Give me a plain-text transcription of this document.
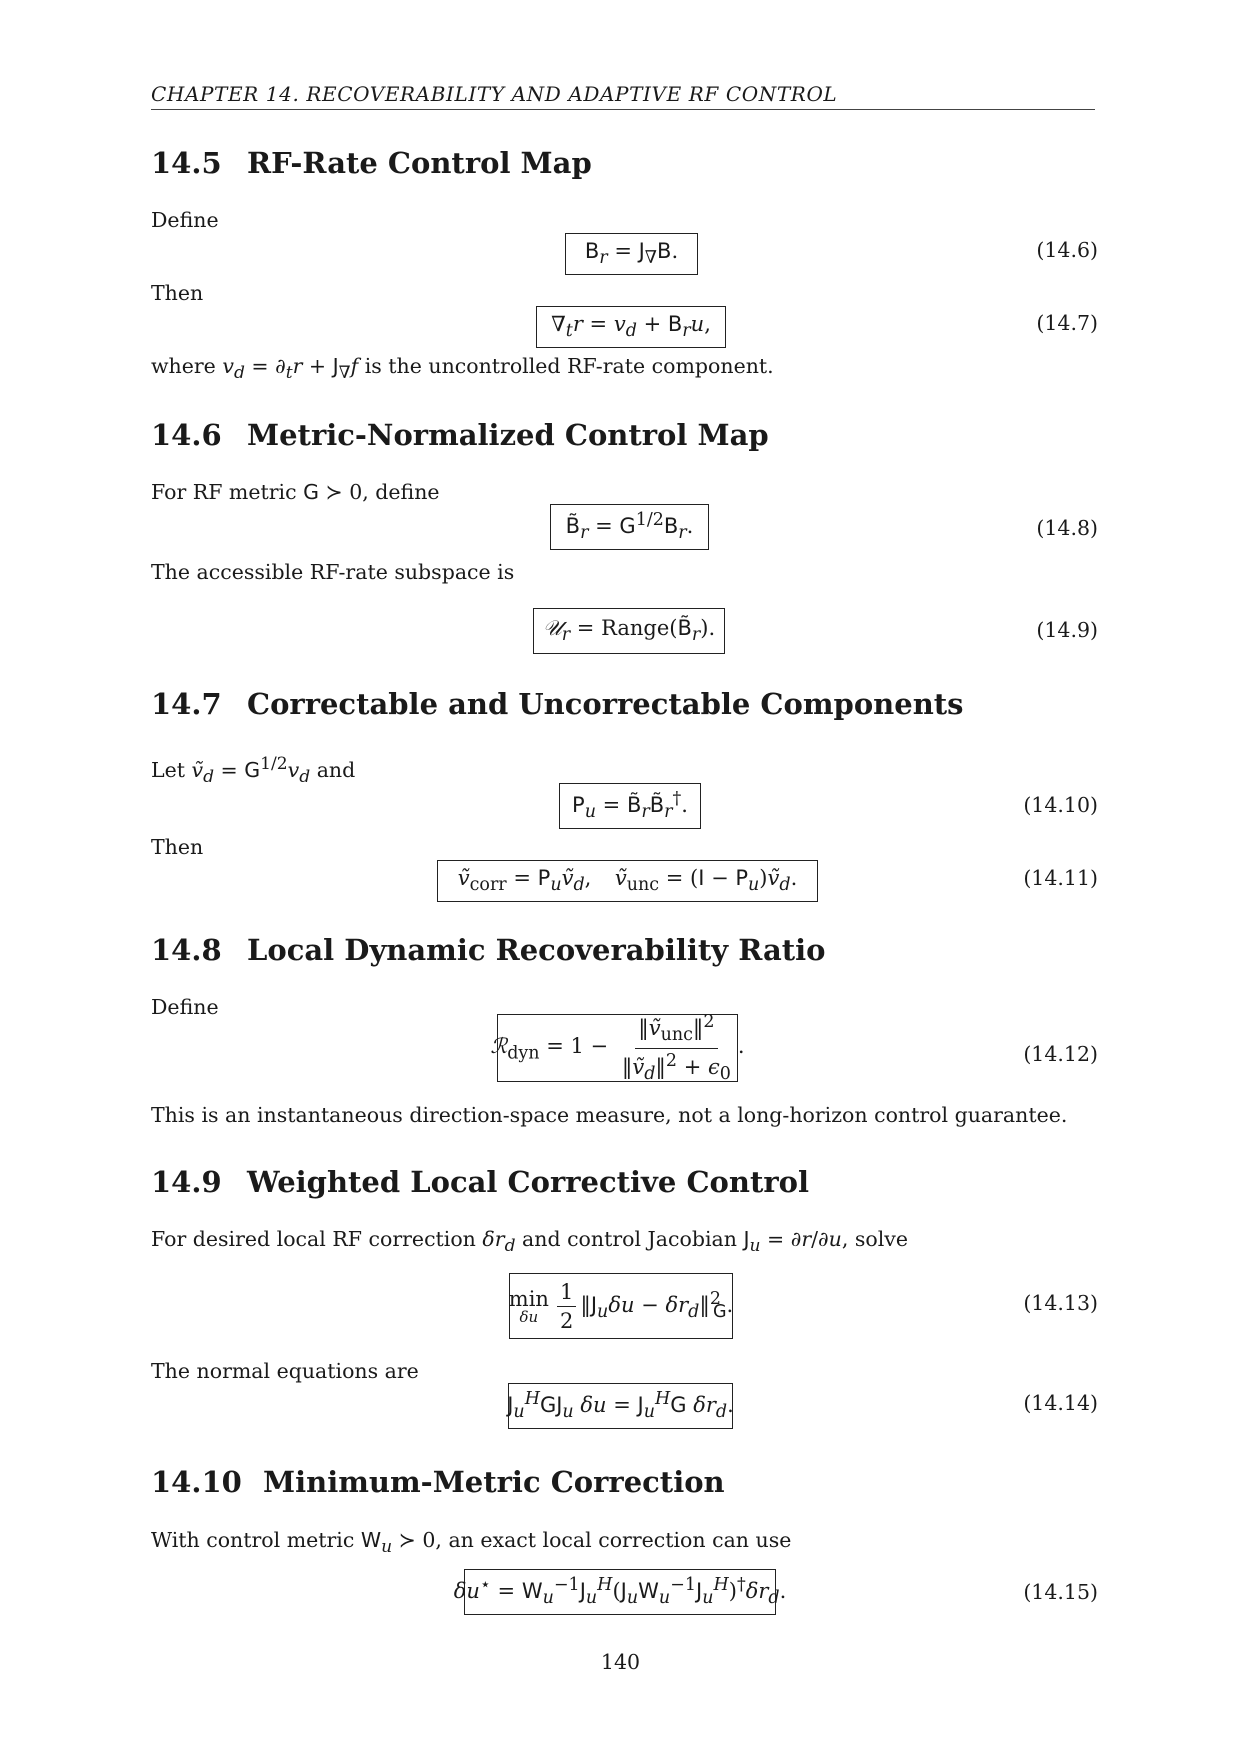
CHAPTER 14. RECOVERABILITY AND ADAPTIVE RF CONTROL
14.5 RF-Rate Control Map
Define
$B_r = J_\nabla B$.	(14.6)
Then
$\nabla_tr = v_d + B_ru$,	(14.7)
where $v_d = \partial_tr + J_\nabla f$ is the uncontrolled RF-rate component.
14.6 Metric-Normalized Control Map
For RF metric G ≻ 0, define
$B̃_r = G^{1/2}B_r$.	(14.8)
The accessible RF-rate subspace is
𝒰$_r$ = $Range(B̃_r)$.	(14.9)
14.7 Correctable and Uncorrectable Components
Let ṽ$_d$ = $G^{1/2}v_d$ and
$P_u$ = $B̃_rB̃_r^\dagger$.	(14.10)
Then
ṽ$_{corr}$ = $P_uṽ_d$, ṽ$_{unc}$ = $(I - P_u)ṽ_d$.	(14.11)
14.8 Local Dynamic Recoverability Ratio
Define
ℛ$_{dyn}$ = $1 - \frac{‖ṽ_{unc}‖^2}{‖ṽ_d‖^2 + \epsilon_0}$ .	(14.12)
This is an instantaneous direction-space measure, not a long-horizon control guarantee.
14.9 Weighted Local Corrective Control
For desired local RF correction $\delta r_d$ and control Jacobian $J_u = \partial r/\partial u$, solve
min
δu $\frac{1}{2}$ $‖J_u\delta u$ − $\delta r_d‖^2_G$.	(14.13)
The normal equations are
$J_u^HGJ_u$ $\delta u = J_u^HG$ $\delta r_d$.	(14.14)
14.10 Minimum-Metric Correction
With control metric $W_u$ ≻ 0, an exact local correction can use
$\delta u^⋆ = W_u^{-1}J_u^H(J_uW_u^{-1}J_u^H)^\dagger\delta r_d$.	(14.15)
140
